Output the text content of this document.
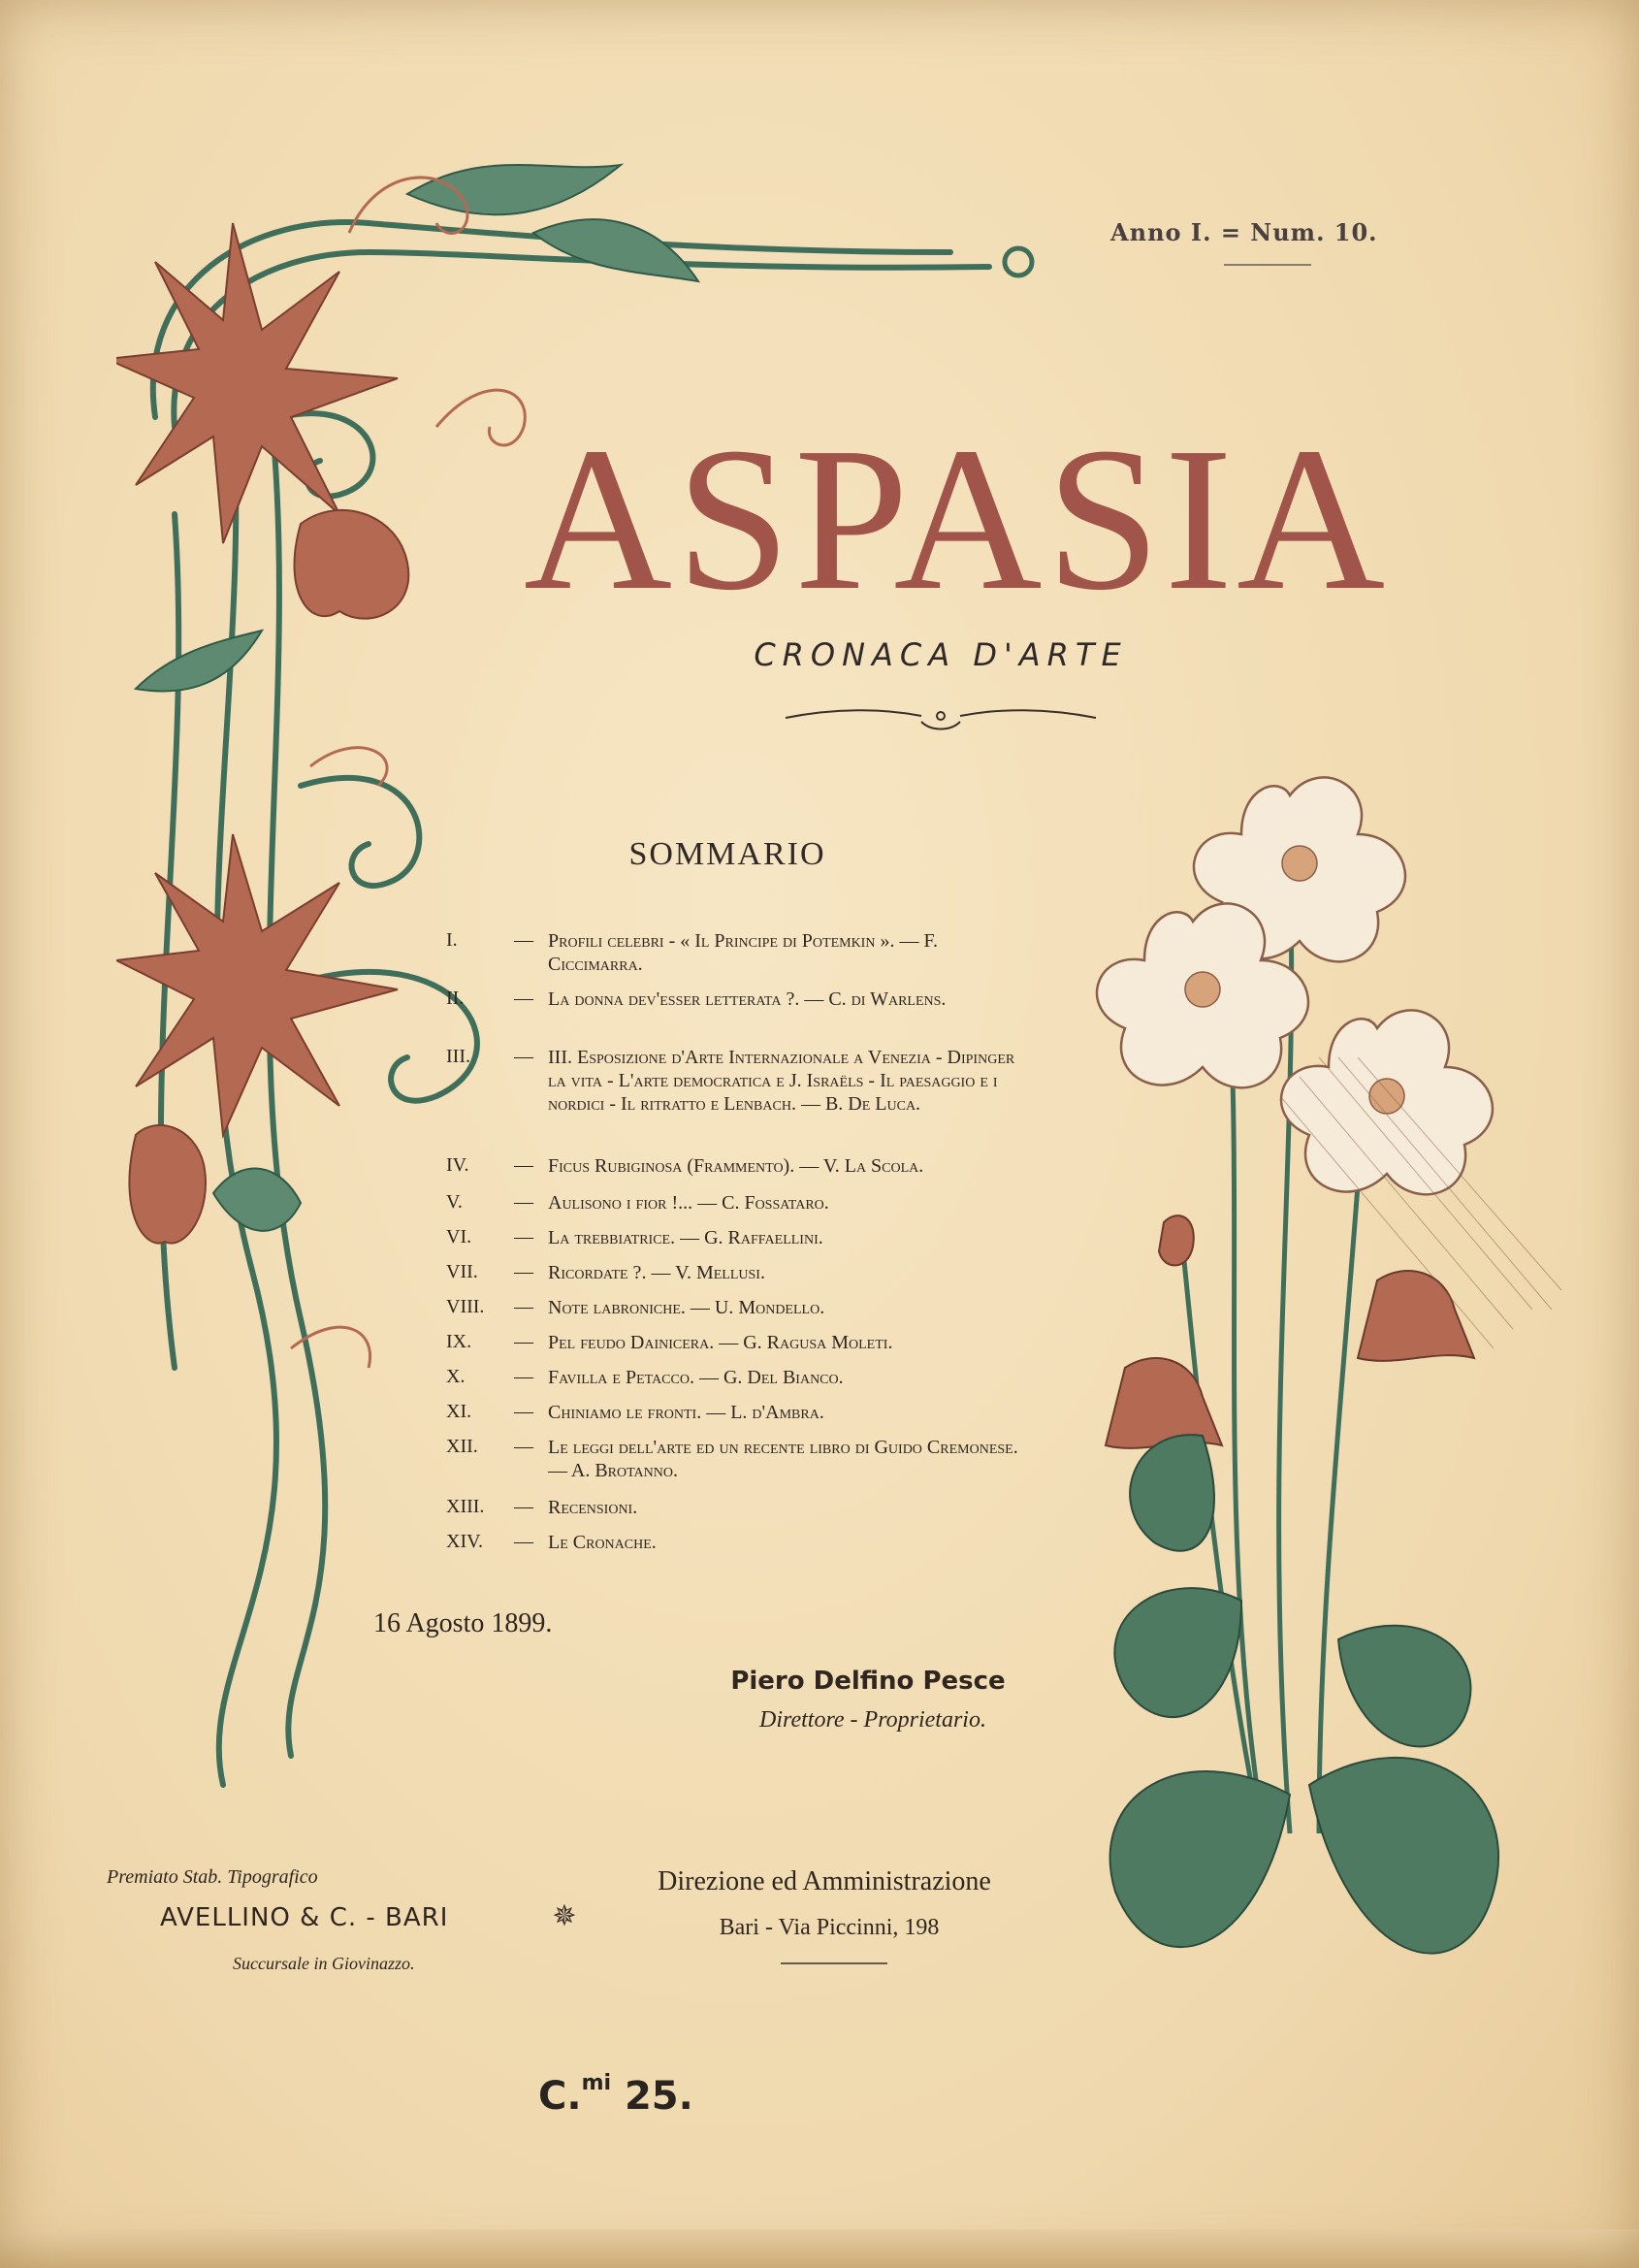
Anno I. = Num. 10.
ASPASIA
CRONACA D'ARTE
SOMMARIO
I.	— Profili celebri - « Il Principe di Potemkin ». — F. Ciccimarra.
II.	— La donna dev'esser letterata ?. — C. di Warlens.
III.	— III. Esposizione d'Arte Internazionale a Venezia - Dipinger la vita - L'arte democratica e J. Israëls - Il paesaggio e i nordici - Il ritratto e Lenbach. — B. De Luca.
IV.	— Ficus Rubiginosa (Frammento). — V. La Scola.
V.	— Aulisono i fior !... — C. Fossataro.
VI.	— La trebbiatrice. — G. Raffaellini.
VII.	— Ricordate ?. — V. Mellusi.
VIII.	— Note labroniche. — U. Mondello.
IX.	— Pel feudo Dainicera. — G. Ragusa Moleti.
X.	— Favilla e Petacco. — G. Del Bianco.
XI.	— Chiniamo le fronti. — L. d'Ambra.
XII.	— Le leggi dell'arte ed un recente libro di Guido Cremonese. — A. Brotanno.
XIII.	— Recensioni.
XIV.	— Le Cronache.
16 Agosto 1899.
Piero Delfino Pesce
Direttore - Proprietario.
Premiato Stab. Tipografico
AVELLINO & C. - BARI
Succursale in Giovinazzo.
✵
Direzione ed Amministrazione
Bari - Via Piccinni, 198
C.$^{mi}$ 25.
